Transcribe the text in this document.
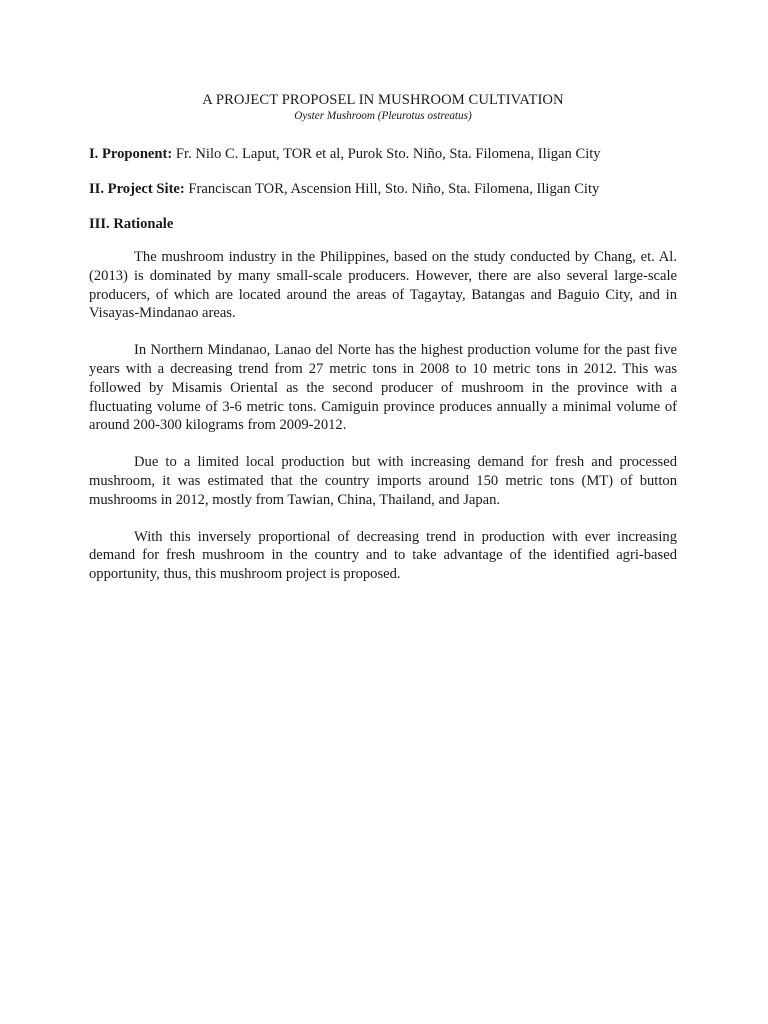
A PROJECT PROPOSEL IN MUSHROOM CULTIVATION

Oyster Mushroom (Pleurotus ostreatus)

I. Proponent: Fr. Nilo C. Laput, TOR et al, Purok Sto. Niño, Sta. Filomena, Iligan City

II. Project Site: Franciscan TOR, Ascension Hill, Sto. Niño, Sta. Filomena, Iligan City

III. Rationale

The mushroom industry in the Philippines, based on the study conducted by Chang, et. Al. (2013) is dominated by many small-scale producers. However, there are also several large-scale producers, of which are located around the areas of Tagaytay, Batangas and Baguio City, and in Visayas-Mindanao areas.

In Northern Mindanao, Lanao del Norte has the highest production volume for the past five years with a decreasing trend from 27 metric tons in 2008 to 10 metric tons in 2012. This was followed by Misamis Oriental as the second producer of mushroom in the province with a fluctuating volume of 3-6 metric tons. Camiguin province produces annually a minimal volume of around 200-300 kilograms from 2009-2012.

Due to a limited local production but with increasing demand for fresh and processed mushroom, it was estimated that the country imports around 150 metric tons (MT) of button mushrooms in 2012, mostly from Tawian, China, Thailand, and Japan.

With this inversely proportional of decreasing trend in production with ever increasing demand for fresh mushroom in the country and to take advantage of the identified agri-based opportunity, thus, this mushroom project is proposed.
